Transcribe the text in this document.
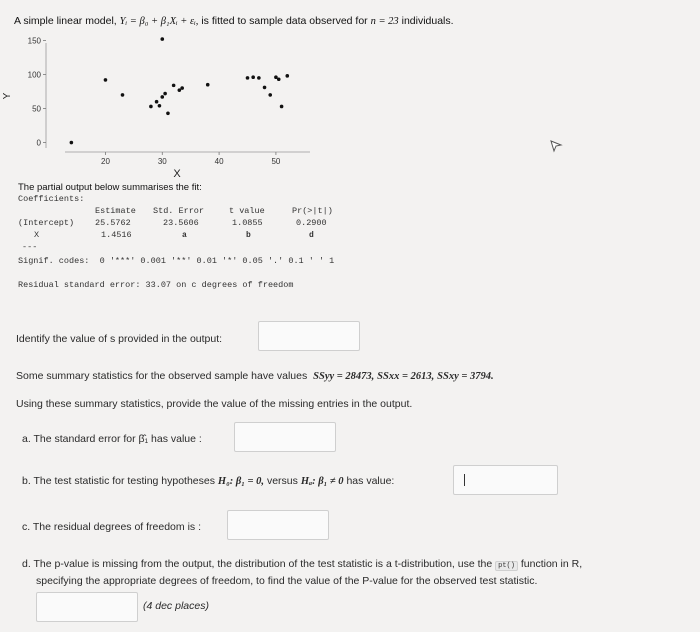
A simple linear model, Yᵢ = β₀ + β₁Xᵢ + εᵢ, is fitted to sample data observed for n = 23 individuals.
150
100
50
0
20	30	40	50
X
Y
The partial output below summarises the fit:
Coefficients:
Estimate Std. Error	t value	Pr(>|t|)
(Intercept) 25.5762	23.5606	1.0855	0.2900
X	1.4516	a	b	d
---
Signif. codes:  0 '***' 0.001 '**' 0.01 '*' 0.05 '.' 0.1 ' ' 1
Residual standard error: 33.07 on c degrees of freedom
Identify the value of s provided in the output:
Some summary statistics for the observed sample have values SSyy = 28473, SSxx = 2613, SSxy = 3794.
Using these summary statistics, provide the value of the missing entries in the output.
a. The standard error for β̂₁ has value :
b. The test statistic for testing hypotheses H₀: β₁ = 0, versus Hₐ: β₁ ≠ 0 has value:
c. The residual degrees of freedom is :
d. The p-value is missing from the output, the distribution of the test statistic is a t-distribution, use the pt() function in R,
specifying the appropriate degrees of freedom, to find the value of the P-value for the observed test statistic.
(4 dec places)
